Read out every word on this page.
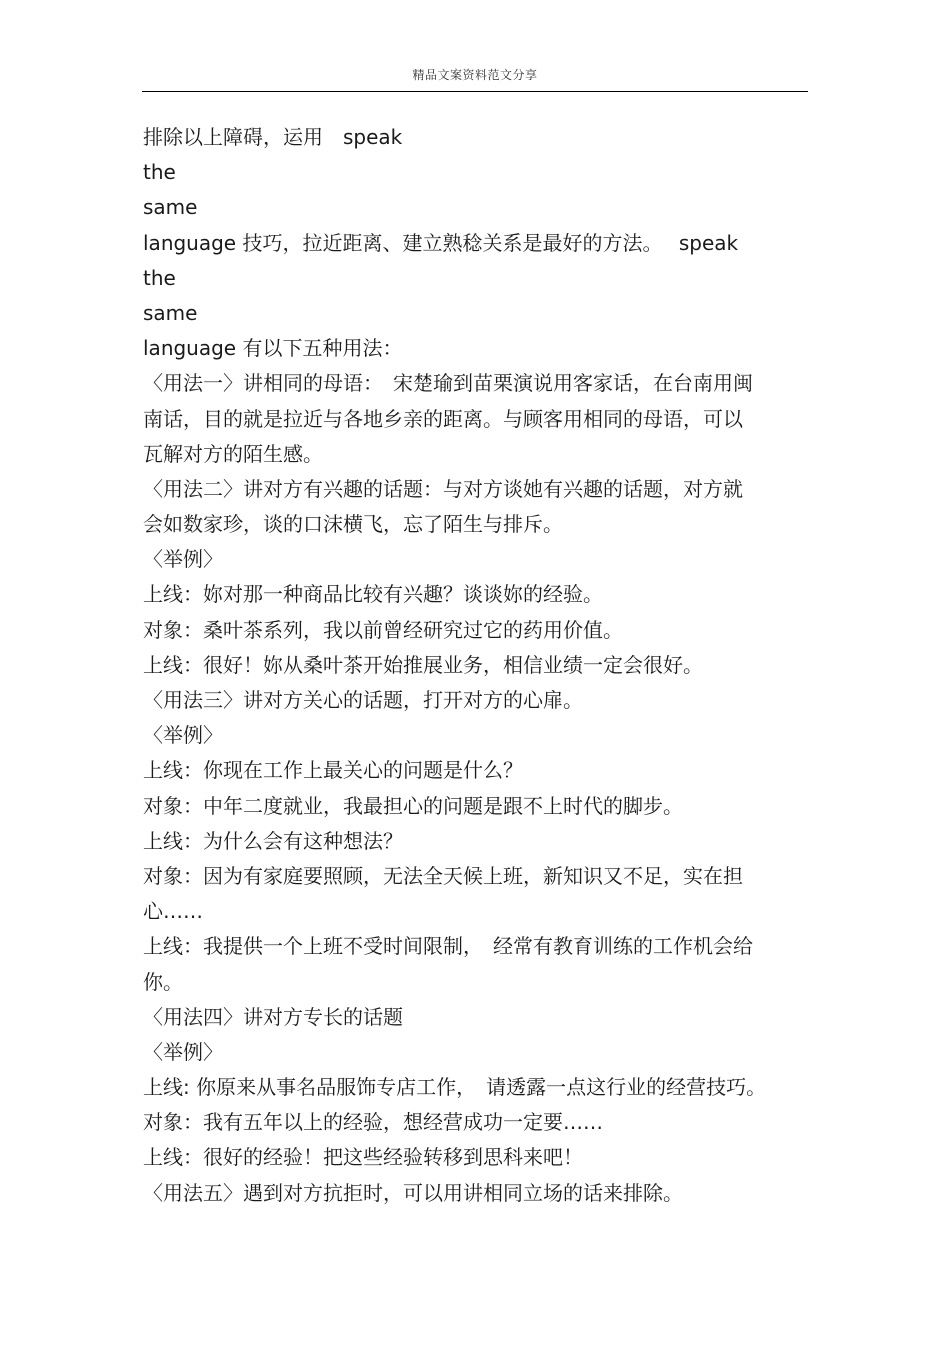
精品文案资料范文分享
排除以上障碍，运用　speak
the
same
language 技巧，拉近距离、建立熟稔关系是最好的方法。　 speak
the
same
language 有以下五种用法：
〈用法一〉讲相同的母语：　宋楚瑜到苗栗演说用客家话，在台南用闽
南话，目的就是拉近与各地乡亲的距离。与顾客用相同的母语，可以
瓦解对方的陌生感。
〈用法二〉讲对方有兴趣的话题：与对方谈她有兴趣的话题，对方就
会如数家珍，谈的口沫横飞，忘了陌生与排斥。
〈举例〉
上线：妳对那一种商品比较有兴趣？谈谈妳的经验。
对象：桑叶茶系列，我以前曾经研究过它的药用价值。
上线：很好！妳从桑叶茶开始推展业务，相信业绩一定会很好。
〈用法三〉讲对方关心的话题，打开对方的心扉。
〈举例〉
上线：你现在工作上最关心的问题是什么？
对象：中年二度就业，我最担心的问题是跟不上时代的脚步。
上线：为什么会有这种想法？
对象：因为有家庭要照顾，无法全天候上班，新知识又不足，实在担
心……
上线：我提供一个上班不受时间限制，　经常有教育训练的工作机会给
你。
〈用法四〉讲对方专长的话题
〈举例〉
上线: 你原来从事名品服饰专店工作，　请透露一点这行业的经营技巧。
对象：我有五年以上的经验，想经营成功一定要……
上线：很好的经验！把这些经验转移到思科来吧！
〈用法五〉遇到对方抗拒时，可以用讲相同立场的话来排除。
